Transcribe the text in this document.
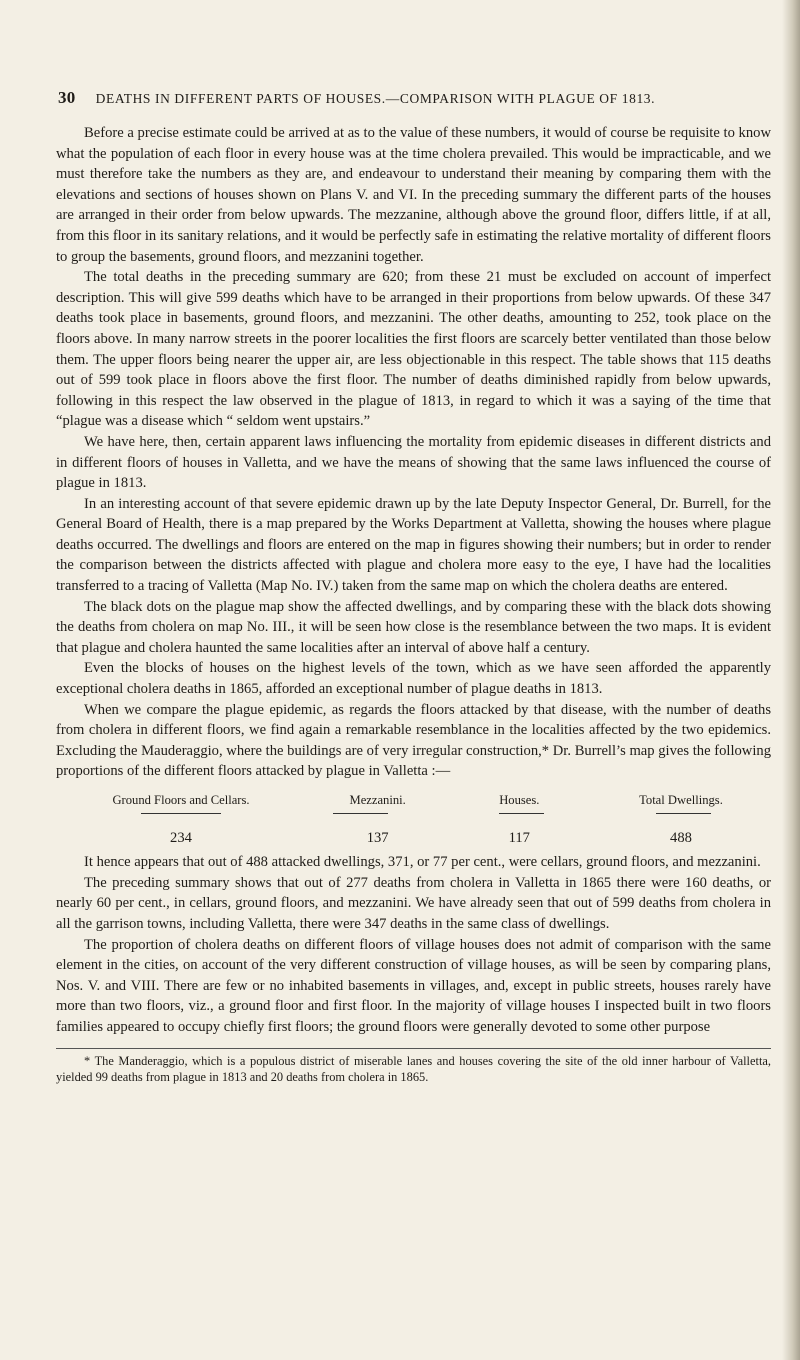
30 DEATHS IN DIFFERENT PARTS OF HOUSES.—COMPARISON WITH PLAGUE OF 1813.

Before a precise estimate could be arrived at as to the value of these numbers, it would of course be requisite to know what the population of each floor in every house was at the time cholera prevailed. This would be impracticable, and we must therefore take the numbers as they are, and endeavour to understand their meaning by comparing them with the elevations and sections of houses shown on Plans V. and VI. In the preceding summary the different parts of the houses are arranged in their order from below upwards. The mezzanine, although above the ground floor, differs little, if at all, from this floor in its sanitary relations, and it would be perfectly safe in estimating the relative mortality of different floors to group the basements, ground floors, and mezzanini together.

The total deaths in the preceding summary are 620; from these 21 must be excluded on account of imperfect description. This will give 599 deaths which have to be arranged in their proportions from below upwards. Of these 347 deaths took place in basements, ground floors, and mezzanini. The other deaths, amounting to 252, took place on the floors above. In many narrow streets in the poorer localities the first floors are scarcely better ventilated than those below them. The upper floors being nearer the upper air, are less objectionable in this respect. The table shows that 115 deaths out of 599 took place in floors above the first floor. The number of deaths diminished rapidly from below upwards, following in this respect the law observed in the plague of 1813, in regard to which it was a saying of the time that “plague was a disease which “ seldom went upstairs.”

We have here, then, certain apparent laws influencing the mortality from epidemic diseases in different districts and in different floors of houses in Valletta, and we have the means of showing that the same laws influenced the course of plague in 1813.

In an interesting account of that severe epidemic drawn up by the late Deputy Inspector General, Dr. Burrell, for the General Board of Health, there is a map prepared by the Works Department at Valletta, showing the houses where plague deaths occurred. The dwellings and floors are entered on the map in figures showing their numbers; but in order to render the comparison between the districts affected with plague and cholera more easy to the eye, I have had the localities transferred to a tracing of Valletta (Map No. IV.) taken from the same map on which the cholera deaths are entered.

The black dots on the plague map show the affected dwellings, and by comparing these with the black dots showing the deaths from cholera on map No. III., it will be seen how close is the resemblance between the two maps. It is evident that plague and cholera haunted the same localities after an interval of above half a century.

Even the blocks of houses on the highest levels of the town, which as we have seen afforded the apparently exceptional cholera deaths in 1865, afforded an exceptional number of plague deaths in 1813.

When we compare the plague epidemic, as regards the floors attacked by that disease, with the number of deaths from cholera in different floors, we find again a remarkable resemblance in the localities affected by the two epidemics. Excluding the Mauderaggio, where the buildings are of very irregular construction,* Dr. Burrell’s map gives the following proportions of the different floors attacked by plague in Valletta :—

Ground Floors and Cellars.	Mezzanini.	Houses.	Total Dwellings.
234	137	117	488

It hence appears that out of 488 attacked dwellings, 371, or 77 per cent., were cellars, ground floors, and mezzanini.

The preceding summary shows that out of 277 deaths from cholera in Valletta in 1865 there were 160 deaths, or nearly 60 per cent., in cellars, ground floors, and mezzanini. We have already seen that out of 599 deaths from cholera in all the garrison towns, including Valletta, there were 347 deaths in the same class of dwellings.

The proportion of cholera deaths on different floors of village houses does not admit of comparison with the same element in the cities, on account of the very different construction of village houses, as will be seen by comparing plans, Nos. V. and VIII. There are few or no inhabited basements in villages, and, except in public streets, houses rarely have more than two floors, viz., a ground floor and first floor. In the majority of village houses I inspected built in two floors families appeared to occupy chiefly first floors; the ground floors were generally devoted to some other purpose

* The Manderaggio, which is a populous district of miserable lanes and houses covering the site of the old inner harbour of Valletta, yielded 99 deaths from plague in 1813 and 20 deaths from cholera in 1865.
